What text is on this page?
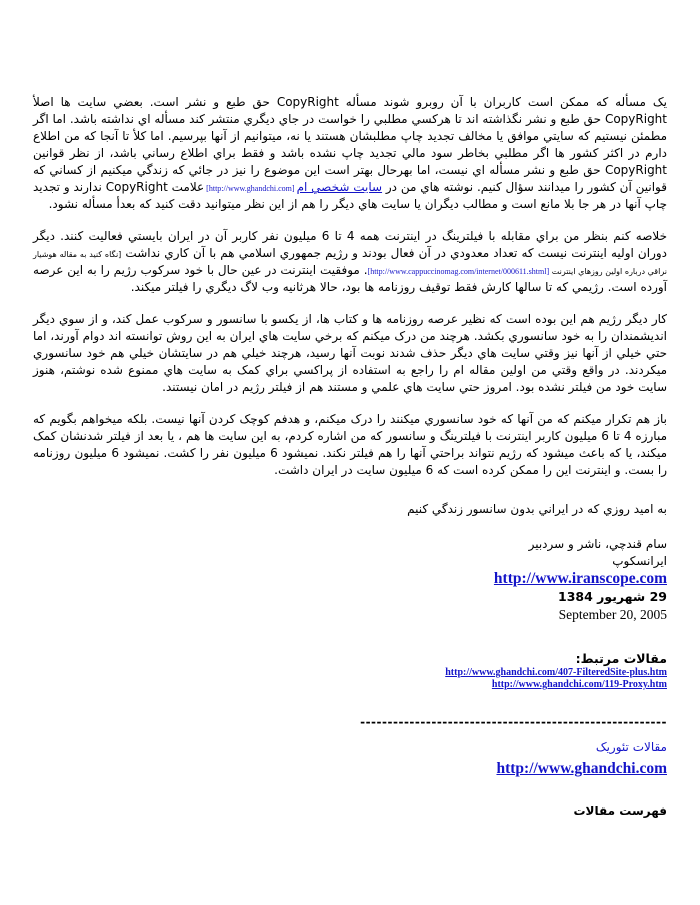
يک مسأله که ممکن است کاربران با آن روبرو شوند مسأله CopyRight حق طبع و نشر است. بعضي سايت ها اصلأ CopyRight حق طبع و نشر نگذاشته اند تا هرکسي مطلبي را خواست در جاي ديگري منتشر کند مسأله اي نداشته باشد. اما اگر مطمئن نيستيم که سايتي موافق يا مخالف تجديد چاپ مطلبشان هستند يا نه، ميتوانيم از آنها بپرسيم. اما کلأ تا آنجا که من اطلاع دارم در اکثر کشور ها اگر مطلبي بخاطر سود مالي تجديد چاپ نشده باشد و فقط براي اطلاع رساني باشد، از نظر قوانين CopyRight حق طبع و نشر مسأله اي نيست، اما بهرحال بهتر است اين موضوع را نيز در جائي که زندگي ميکنيم از کساني که قوانين آن کشور را ميدانند سؤال کنيم. نوشته هاي من در سايت شخصي ام [http://www.ghandchi.com] علامت CopyRight ندارند و تجديد چاپ آنها در هر جا بلا مانع است و مطالب ديگران يا سايت هاي ديگر را هم از اين نظر ميتوانيد دقت کنيد که بعدأ مسأله نشود.

خلاصه کنم بنظر من براي مقابله با فيلترينگ در اينترنت همه 4 تا 6 ميليون نفر کاربر آن در ايران بايستي فعاليت کنند. ديگر دوران اوليه اينترنت نيست که تعداد معدودي در آن فعال بودند و رژيم جمهوري اسلامي هم با آن کاري نداشت [نگاه کنيد به مقاله هوشيار نراقي درباره اولين روزهاي اينترنت [http://www.cappuccinomag.com/internet/000611.shtml]. موفقيت اينترنت در عين حال با خود سرکوب رژيم را به اين عرصه آورده است. رژيمي که تا سالها کارش فقط توقيف روزنامه ها بود، حالا هرثانيه وب لاگ ديگري را فيلتر ميکند.

کار ديگر رژيم هم اين بوده است که نظير عرصه روزنامه ها و کتاب ها، از يکسو با سانسور و سرکوب عمل کند، و از سوي ديگر انديشمندان را به خود سانسوري بکشد. هرچند من درک ميکنم که برخي سايت هاي ايران به اين روش توانسته اند دوام آورند، اما حتي خيلي از آنها نيز وقتي سايت هاي ديگر حذف شدند نوبت آنها رسيد، هرچند خيلي هم در سايتشان خيلي هم خود سانسوري ميکردند. در واقع وقتي من اولين مقاله ام را راجع به استفاده از پراکسي براي کمک به سايت هاي ممنوع شده نوشتم، هنوز سايت خود من فيلتر نشده بود. امروز حتي سايت هاي علمي و مستند هم از فيلتر رژيم در امان نيستند.

باز هم تکرار ميکنم که من آنها که خود سانسوري ميکنند را درک ميکنم، و هدفم کوچک کردن آنها نيست. بلکه ميخواهم بگويم که مبارزه 4 تا 6 ميليون کاربر اينترنت با فيلترينگ و سانسور که من اشاره کردم، به اين سايت ها هم ، يا بعد از فيلتر شدنشان کمک ميکند، يا که باعث ميشود که رژيم نتواند براحتي آنها را هم فيلتر نکند. نميشود 6 ميليون نفر را کشت. نميشود 6 ميليون روزنامه را بست. و اينترنت اين را ممکن کرده است که 6 ميليون سايت در ايران داشت.

به اميد روزي که در ايراني بدون سانسور زندگي کنيم

سام قندچي، ناشر و سردبير
ايرانسکوپ
http://www.iranscope.com
29 شهريور 1384
September 20, 2005
مقالات مرتبط:
http://www.ghandchi.com/407-FilteredSite-plus.htm
http://www.ghandchi.com/119-Proxy.htm
--------------------------------------------------------
مقالات تئوريک
http://www.ghandchi.com
فهرست مقالات
